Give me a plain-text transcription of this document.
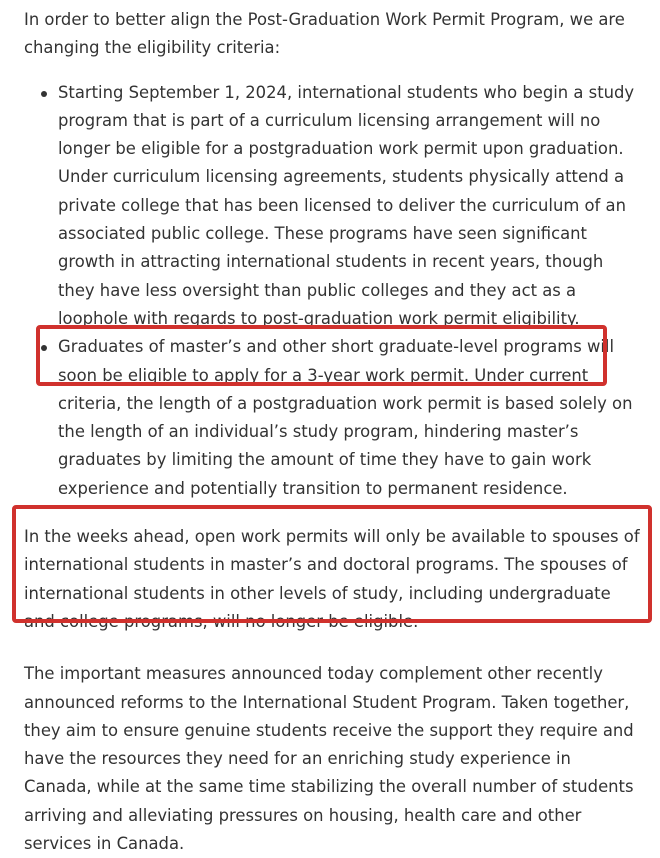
In order to better align the Post-Graduation Work Permit Program, we are changing the eligibility criteria:

Starting September 1, 2024, international students who begin a study program that is part of a curriculum licensing arrangement will no longer be eligible for a postgraduation work permit upon graduation. Under curriculum licensing agreements, students physically attend a private college that has been licensed to deliver the curriculum of an associated public college. These programs have seen significant growth in attracting international students in recent years, though they have less oversight than public colleges and they act as a loophole with regards to post-graduation work permit eligibility.
Graduates of master’s and other short graduate-level programs will soon be eligible to apply for a 3-year work permit. Under current criteria, the length of a postgraduation work permit is based solely on the length of an individual’s study program, hindering master’s graduates by limiting the amount of time they have to gain work experience and potentially transition to permanent residence.

In the weeks ahead, open work permits will only be available to spouses of international students in master’s and doctoral programs. The spouses of international students in other levels of study, including undergraduate and college programs, will no longer be eligible.

The important measures announced today complement other recently announced reforms to the International Student Program. Taken together, they aim to ensure genuine students receive the support they require and have the resources they need for an enriching study experience in Canada, while at the same time stabilizing the overall number of students arriving and alleviating pressures on housing, health care and other services in Canada.
